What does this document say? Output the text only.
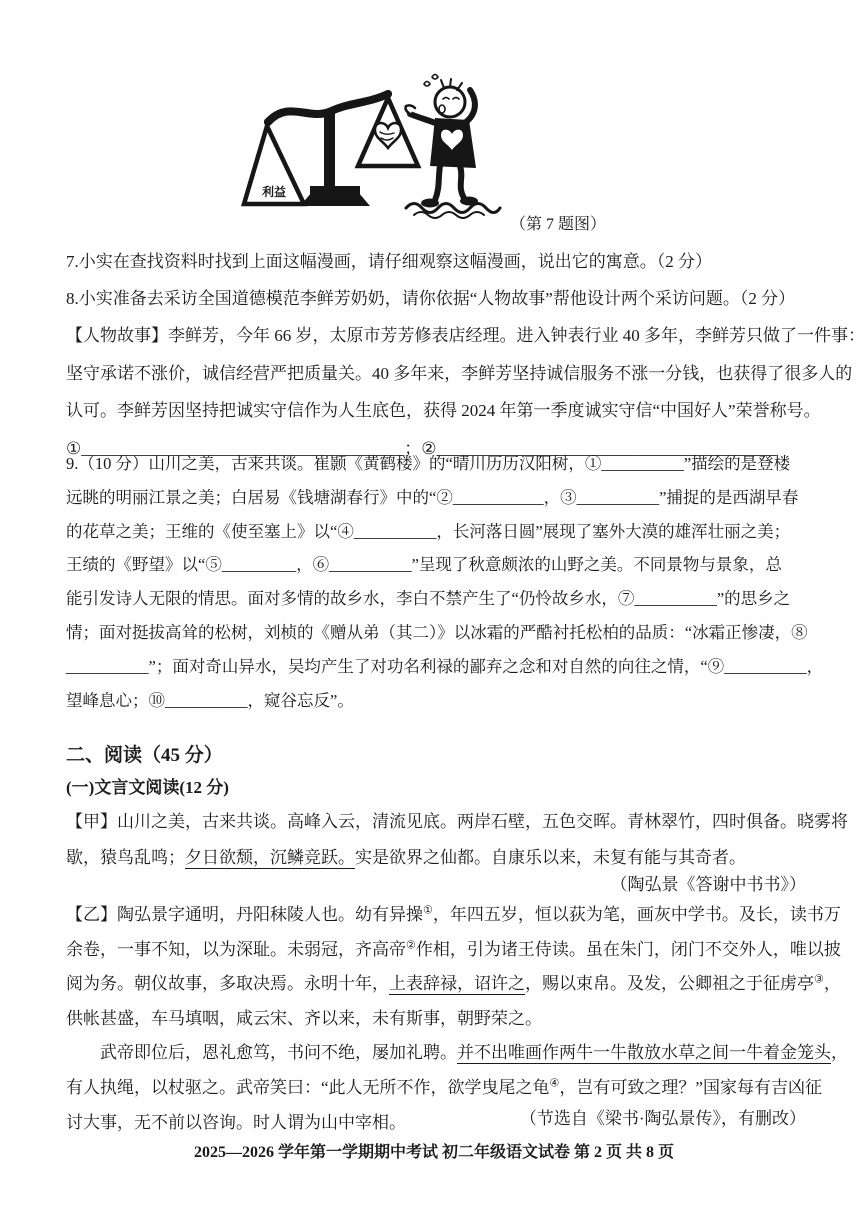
利益
（第 7 题图）
7.小实在查找资料时找到上面这幅漫画，请仔细观察这幅漫画，说出它的寓意。（2 分）
8.小实准备去采访全国道德模范李鲜芳奶奶，请你依据“人物故事”帮他设计两个采访问题。（2 分）
【人物故事】李鲜芳，今年 66 岁，太原市芳芳修表店经理。进入钟表行业 40 多年，李鲜芳只做了一件事：
坚守承诺不涨价，诚信经营严把质量关。40 多年来，李鲜芳坚持诚信服务不涨一分钱，也获得了很多人的
认可。李鲜芳因坚持把诚实守信作为人生底色，获得 2024 年第一季度诚实守信“中国好人”荣誉称号。
①______________________________________；②________________________________________
9.（10 分）山川之美，古来共谈。崔颢《黄鹤楼》的“晴川历历汉阳树，①__________”描绘的是登楼
远眺的明丽江景之美；白居易《钱塘湖春行》中的“②___________，③__________”捕捉的是西湖早春
的花草之美；王维的《使至塞上》以“④__________，长河落日圆”展现了塞外大漠的雄浑壮丽之美；
王绩的《野望》以“⑤_________，⑥__________”呈现了秋意颇浓的山野之美。不同景物与景象，总
能引发诗人无限的情思。面对多情的故乡水，李白不禁产生了“仍怜故乡水，⑦__________”的思乡之
情；面对挺拔高耸的松树，刘桢的《赠从弟（其二）》以冰霜的严酷衬托松柏的品质：“冰霜正惨凄，⑧
__________”；面对奇山异水，吴均产生了对功名利禄的鄙弃之念和对自然的向往之情，“⑨__________，
望峰息心；⑩__________，窥谷忘反”。
二、阅读（45 分）
(一)文言文阅读(12 分)
【甲】山川之美，古来共谈。高峰入云，清流见底。两岸石壁，五色交晖。青林翠竹，四时俱备。晓雾将
歇，猿鸟乱鸣；夕日欲颓，沉鳞竞跃。实是欲界之仙都。自康乐以来，未复有能与其奇者。
（陶弘景《答谢中书书》）
【乙】陶弘景字通明，丹阳秣陵人也。幼有异操①，年四五岁，恒以荻为笔，画灰中学书。及长，读书万
余卷，一事不知，以为深耻。未弱冠，齐高帝②作相，引为诸王侍读。虽在朱门，闭门不交外人，唯以披
阅为务。朝仪故事，多取决焉。永明十年，上表辞禄，诏许之，赐以束帛。及发，公卿祖之于征虏亭③，
供帐甚盛，车马填咽，咸云宋、齐以来，未有斯事，朝野荣之。
　　武帝即位后，恩礼愈笃，书问不绝，屡加礼聘。并不出唯画作两牛一牛散放水草之间一牛着金笼头，
有人执绳，以杖驱之。武帝笑曰：“此人无所不作，欲学曳尾之龟④，岂有可致之理？”国家每有吉凶征
讨大事，无不前以咨询。时人谓为山中宰相。	（节选自《梁书·陶弘景传》，有删改）
2025—2026 学年第一学期期中考试 初二年级语文试卷 第 2 页 共 8 页
